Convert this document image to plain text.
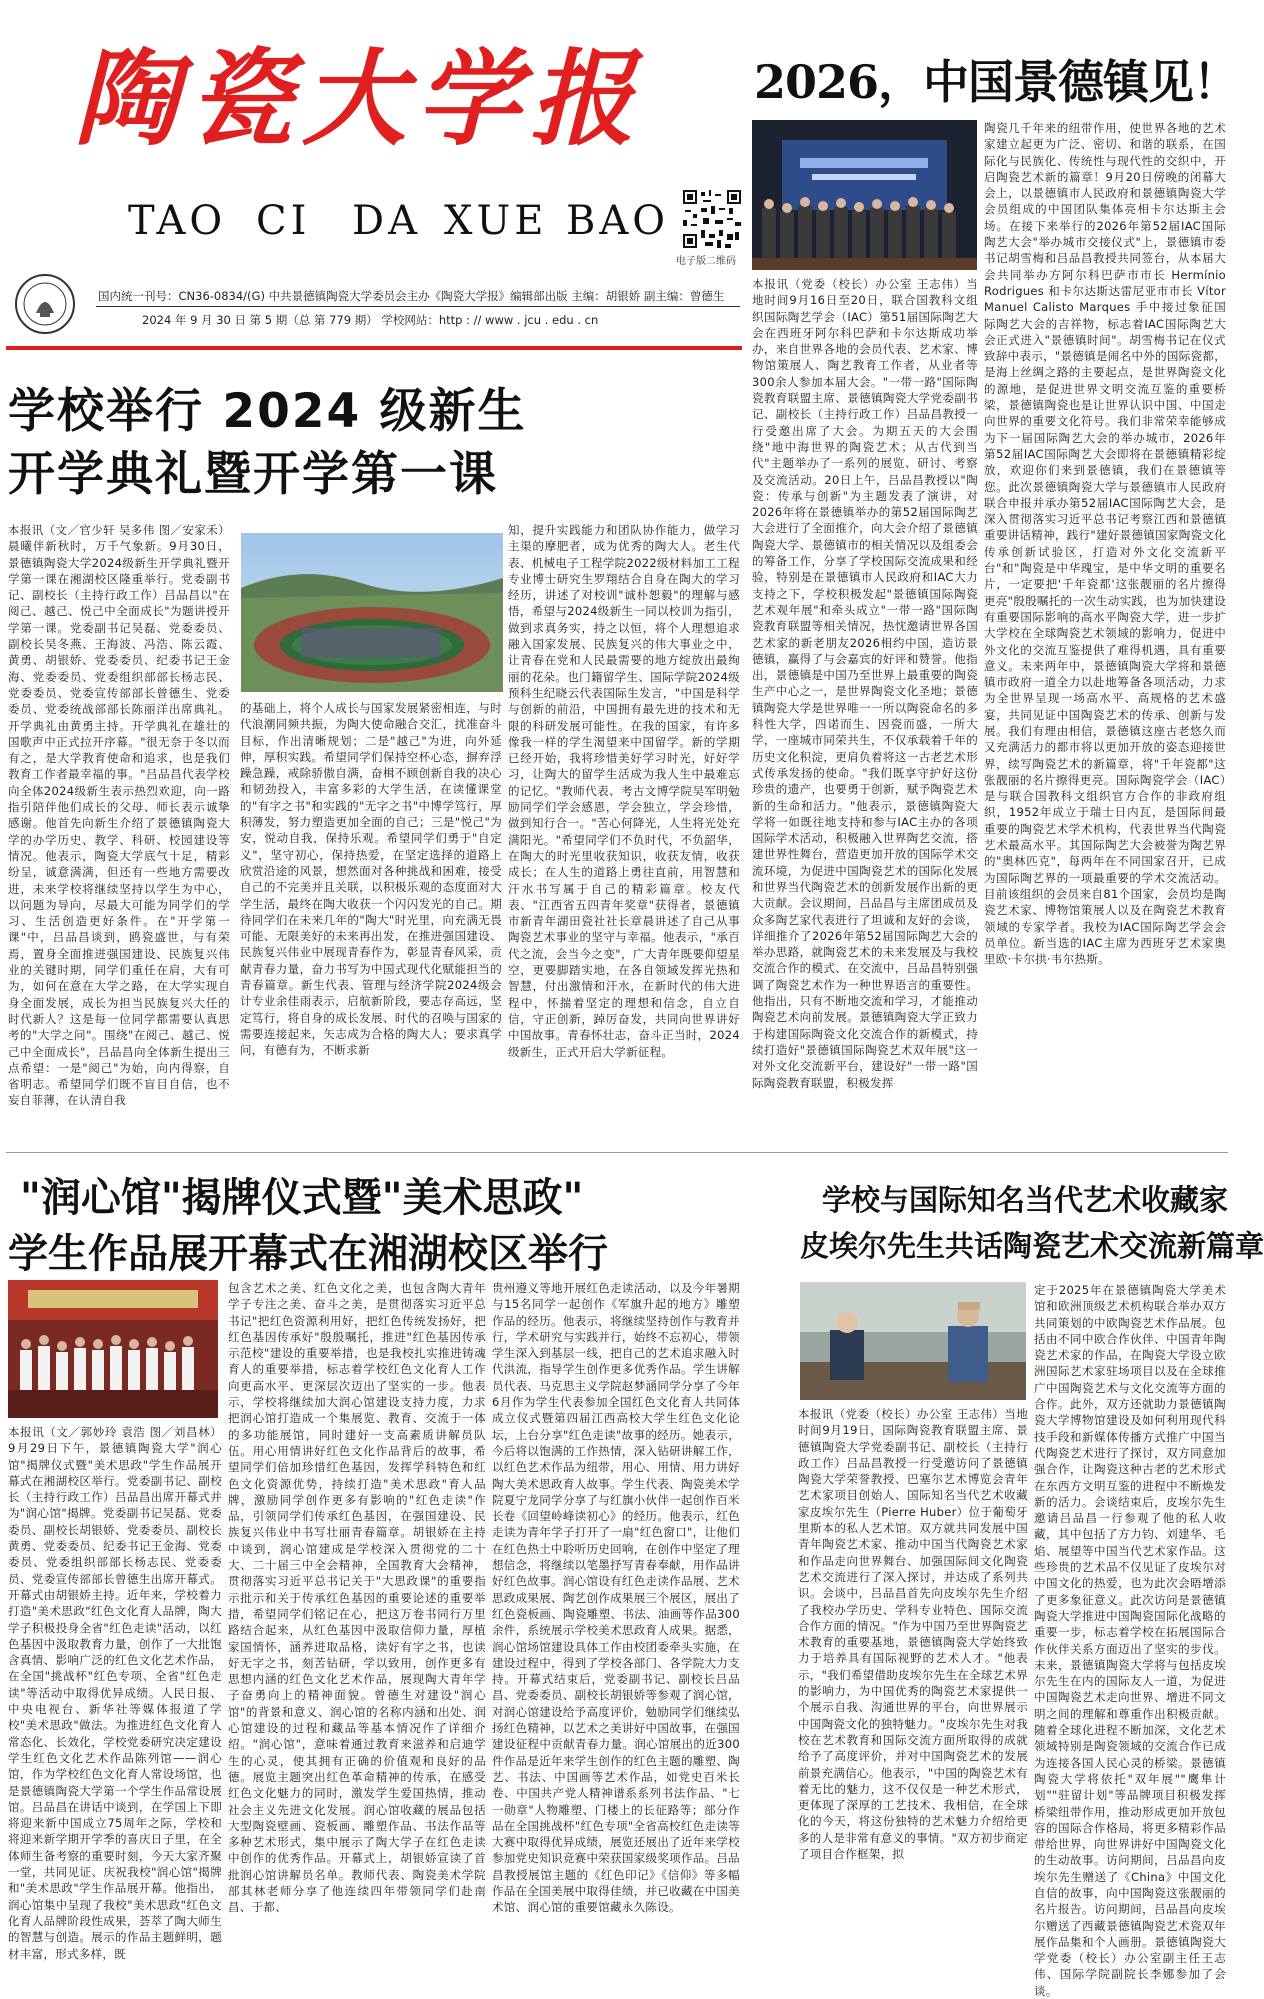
陶瓷大学报
TAO CI DA XUE BAO
电子版二维码
国内统一刊号：CN36-0834/(G) 中共景德镇陶瓷大学委员会主办《陶瓷大学报》编辑部出版 主编：胡银娇 副主编：曾德生
2024 年 9 月 30 日 第 5 期（总 第 779 期） 学校网站：http : // www . jcu . edu . cn
学校举行 2024 级新生
开学典礼暨开学第一课
本报讯（文／官少轩 吴多伟 图／安家禾）晨曦伴新秋时，万千气象新。9月30日，景德镇陶瓷大学2024级新生开学典礼暨开学第一课在湘湖校区隆重举行。党委副书记、副校长（主持行政工作）吕品昌以"在阅己、越己、悦己中全面成长"为题讲授开学第一课。党委副书记吴磊、党委委员、副校长吴冬燕、王海波、冯浩、陈云霞、黄勇、胡银娇、党委委员、纪委书记王金海、党委委员、党委组织部部长杨志民、党委委员、党委宣传部部长曾德生、党委委员、党委统战部部长陈丽洋出席典礼。开学典礼由黄勇主持。开学典礼在雄壮的国歌声中正式拉开序幕。"很无奈于冬以而有之，是大学教育使命和追求，也是我们教育工作者最幸福的事。"吕品昌代表学校向全体2024级新生表示热烈欢迎，向一路指引陪伴他们成长的父母、师长表示诚挚感谢。他首先向新生介绍了景德镇陶瓷大学的办学历史、教学、科研、校园建设等情况。他表示，陶瓷大学底气十足，精彩纷呈，诚意满满，但还有一些地方需要改进，未来学校将继续坚持以学生为中心，以问题为导向，尽最大可能为同学们的学习、生活创造更好条件。在"开学第一课"中，吕品昌谈到，鸥瓷盛世，与有荣焉，置身全面推进强国建设、民族复兴伟业的关键时期，同学们重任在肩，大有可为，如何在意在大学之路，在大学实现自身全面发展，成长为担当民族复兴大任的时代新人？这是每一位同学都需要认真思考的"大学之问"。围绕"在阅己、越己、悦己中全面成长"，吕品昌向全体新生提出三点希望：一是"阅己"为始，向内得察，自省明志。希望同学们既不盲目自信，也不妄自菲薄，在认清自我
的基础上，将个人成长与国家发展紧密相连，与时代浪潮同频共振，为陶大使命融合交汇，扰准奋斗目标，作出清晰规划；二是"越己"为进，向外延伸，厚积实践。希望同学们保持空杯心态，摒弃浮躁急躁，戒除骄傲自满，奋楫不顾创新自我的决心和韧劲投入，丰富多彩的大学生活，在读懂课堂的"有字之书"和实践的"无字之书"中博学笃行，厚积薄发，努力塑造更加全面的自己；三是"悦己"为安，悦动自我，保持乐观。希望同学们勇于"自定义"，坚守初心，保持热爱，在坚定选择的道路上欣赏沿途的风景，想然面对各种挑战和困难，接受自己的不完美并且关联，以积极乐观的态度面对大学生活，最终在陶大收获一个闪闪发光的自己。期待同学们在未来几年的"陶大"时光里，向充满无畏可能、无限美好的未来再出发，在推进强国建设、民族复兴伟业中展现青春作为，彰显青春风采，贡献青春力量，奋力书写为中国式现代化赋能担当的青春篇章。新生代表、管理与经济学院2024级会计专业余佳雨表示，启航新阶段，要志存高远，坚定笃行，将自身的成长发展、时代的召唤与国家的需要连接起来，矢志成为合格的陶大人；要求真学问，有德有为，不断求新
知，提升实践能力和团队协作能力，做学习主渠的摩肥者，成为优秀的陶大人。老生代表、机械电子工程学院2022级材料加工工程专业博士研究生罗翔结合自身在陶大的学习经历，讲述了对校训"诚朴恕毅"的理解与感悟，希望与2024级新生一同以校训为指引，做到求真务实，持之以恒，将个人理想追求融入国家发展、民族复兴的伟大事业之中，让青春在党和人民最需要的地方绽放出最绚丽的花朵。也门籍留学生、国际学院2024级预科生纪晓云代表国际生发言，"中国是科学与创新的前沿，中国拥有最先进的技术和无限的科研发展可能性。在我的国家，有许多像我一样的学生渴望来中国留学。新的学期已经开始，我将珍惜美好学习时光，好好学习，让陶大的留学生活成为我人生中最难忘的记忆。"教师代表、考古文博学院吴军明勉励同学们学会感恩，学会独立，学会珍惜，做到知行合一。"苦心何降光，人生将光处充满阳光。"希望同学们不负时代，不负韶华，在陶大的时光里收获知识，收获友情，收获成长；在人生的道路上勇往直前，用智慧和汗水书写属于自己的精彩篇章。校友代表、"江西省五四青年奖章"获得者，景德镇市新青年湖田瓷社社长章晨讲述了自己从事陶瓷艺术事业的坚守与幸福。他表示，"承百代之流，会当今之变"，广大青年既要仰望星空，更要脚踏实地，在各自领域发挥光热和智慧，付出激情和汗水，在新时代的伟大进程中，怀揣着坚定的理想和信念，自立自信，守正创新，踔厉奋发，共同向世界讲好中国故事。青春怀壮志，奋斗正当时，2024级新生，正式开启大学新征程。
2026，中国景德镇见！
本报讯（党委（校长）办公室 王志伟）当地时间9月16日至20日，联合国教科文组织国际陶艺学会（IAC）第51届国际陶艺大会在西班牙阿尔科巴萨和卡尔达斯成功举办，来自世界各地的会员代表、艺术家、博物馆策展人、陶艺教育工作者，从业者等300余人参加本届大会。"一带一路"国际陶瓷教育联盟主席、景德镇陶瓷大学党委副书记、副校长（主持行政工作）吕品昌教授一行受邀出席了大会。为期五天的大会围绕"地中海世界的陶瓷艺术；从古代到当代"主题举办了一系列的展览、研讨、考察及交流活动。20日上午，吕品昌教授以"陶瓷：传承与创新"为主题发表了演讲，对2026年将在景德镇举办的第52届国际陶艺大会进行了全面推介，向大会介绍了景德镇陶瓷大学、景德镇市的相关情况以及组委会的筹备工作，分享了学校国际交流成果和经验，特别是在景德镇市人民政府和IAC大力支持之下，学校积极发起"景德镇国际陶瓷艺术观年展"和牵头成立"一带一路"国际陶瓷教育联盟等相关情况，热忱邀请世界各国艺术家的新老朋友2026相约中国，造访景德镇，赢得了与会嘉宾的好评和赞誉。他指出，景德镇是中国乃至世界上最重要的陶瓷生产中心之一，是世界陶瓷文化圣地；景德镇陶瓷大学是世界唯一一所以陶瓷命名的多科性大学，四诺而生、因瓷而盛，一所大学，一座城市同荣共生，不仅承载着千年的历史文化积淀，更肩负着将这一古老艺术形式传承发扬的使命。"我们既享守护好这份珍贵的遗产，也要勇于创新，赋予陶瓷艺术新的生命和活力。"他表示，景德镇陶瓷大学将一如既往地支持和参与IAC主办的各项国际学术活动，积极融入世界陶艺交流，搭建世界性舞台，营造更加开放的国际学术交流环境，为促进中国陶瓷艺术的国际化发展和世界当代陶瓷艺术的创新发展作出新的更大贡献。会议期间，吕品昌与主席团成员及众多陶艺家代表进行了坦诚和友好的会谈，详细推介了2026年第52届国际陶艺大会的举办思路，就陶瓷艺术的未来发展及与我校交流合作的模式、在交流中，吕品昌特别强调了陶瓷艺术作为一种世界语言的重要性。他指出，只有不断地交流和学习，才能推动陶瓷艺术向前发展。景德镇陶瓷大学正致力于构建国际陶瓷文化交流合作的新模式，持续打造好"景德镇国际陶瓷艺术双年展"这一对外文化交流新平台，建设好"一带一路"国际陶瓷教育联盟，积极发挥
陶瓷几千年来的纽带作用，使世界各地的艺术家建立起更为广泛、密切、和谐的联系，在国际化与民族化、传统性与现代性的交织中，开启陶瓷艺术新的篇章！9月20日傍晚的闭幕大会上，以景德镇市人民政府和景德镇陶瓷大学会员组成的中国团队集体亮相卡尔达斯主会场。在接下来举行的2026年第52届IAC国际陶艺大会"举办城市交接仪式"上，景德镇市委书记胡雪梅和吕品昌教授共同签台，从本届大会共同举办方阿尔科巴萨市市长 Hermínio Rodrigues 和卡尔达斯达雷尼亚市市长 Vítor Manuel Calisto Marques 手中接过象征国际陶艺大会的吉祥物，标志着IAC国际陶艺大会正式进入"景德镇时间"。胡雪梅书记在仪式致辞中表示，"景德镇是闹名中外的国际瓷都，是海上丝绸之路的主要起点，是世界陶瓷文化的源地，是促进世界文明交流互鉴的重要桥梁，景德镇陶瓷也是让世界认识中国、中国走向世界的重要文化符号。我们非常荣幸能够成为下一届国际陶艺大会的举办城市，2026年第52届IAC国际陶艺大会即将在景德镇精彩绽放，欢迎你们来到景德镇，我们在景德镇等您。此次景德镇陶瓷大学与景德镇市人民政府联合申报并承办第52届IAC国际陶艺大会，是深入贯彻落实习近平总书记考察江西和景德镇重要讲话精神，践行"建好景德镇国家陶瓷文化传承创新试验区，打造对外文化交流新平台"和"陶瓷是中华瑰宝，是中华文明的重要名片，一定要把'千年瓷都'这张靓丽的名片擦得更亮"殷殷嘱托的一次生动实践，也为加快建设有重要国际影响的高水平陶瓷大学，进一步扩大学校在全球陶瓷艺术领域的影响力，促进中外文化的交流互鉴提供了难得机遇，具有重要意义。未来两年中，景德镇陶瓷大学将和景德镇市政府一道全力以赴地筹备各项活动，力求为全世界呈现一场高水平、高规格的艺术盛宴，共同见证中国陶瓷艺术的传承、创新与发展。我们有理由相信，景德镇这座古老悠久而又充满活力的都市将以更加开放的姿态迎接世界，续写陶瓷艺术的新篇章，将"千年瓷都"这张靓丽的名片擦得更亮。国际陶瓷学会（IAC）是与联合国教科文组织官方合作的非政府组织，1952年成立于瑞士日内瓦，是国际间最重要的陶瓷艺术学术机构，代表世界当代陶瓷艺术最高水平。其国际陶艺大会被誉为陶艺界的"奥林匹克"，每两年在不同国家召开，已成为国际陶艺界的一项最重要的学术交流活动。目前该组织的会员来自81个国家，会员均是陶瓷艺术家、博物馆策展人以及在陶瓷艺术教育领域的专家学者。我校为IAC国际陶艺学会会员单位。新当选的IAC主席为西班牙艺术家奥里欧·卡尔拱·韦尔热斯。
"润心馆"揭牌仪式暨"美术思政"
学生作品展开幕式在湘湖校区举行
本报讯（文／郭妙玲 袁浩 图／刘昌林）9月29日下午，景德镇陶瓷大学"润心馆"揭牌仪式暨"美术思政"学生作品展开幕式在湘湖校区举行。党委副书记、副校长（主持行政工作）吕品昌出席开幕式并为"润心馆"揭牌。党委副书记吴磊、党委委员、副校长胡银娇、党委委员、副校长黄勇、党委委员、纪委书记王金海、党委委员、党委组织部部长杨志民、党委委员、党委宣传部部长曾德生出席开幕式。开幕式由胡银娇主持。近年来，学校着力打造"美术思政"红色文化育人品牌，陶大学子积极投身全省"红色走读"活动，以红色基因中汲取教育力量，创作了一大批饱含真情、影响广泛的红色文化艺术作品，在全国"挑战杯"红色专项、全省"红色走读"等活动中取得优异成绩。人民日报、中央电视台、新华社等媒体报道了学校"美术思政"做法。为推进红色文化育人常态化、长效化，学校党委研究决定建设学生红色文化艺术作品陈列馆——润心馆，作为学校红色文化育人常设场馆，也是景德镇陶瓷大学第一个学生作品常设展馆。吕品昌在讲话中谈到，在学国上下即将迎来新中国成立75周年之际，学校和将迎来新学期开学季的喜庆日子里，在全体师生备考察的重要时刻，今天大家齐聚一堂，共同见证、庆祝我校"润心馆"揭牌和"美术思政"学生作品展开幕。他指出，润心馆集中呈现了我校"美术思政"红色文化育人品牌阶段性成果，荟萃了陶大师生的智慧与创造。展示的作品主题鲜明，题材丰富，形式多样，既
包含艺术之美、红色文化之美，也包含陶大青年学子专注之美、奋斗之美，是贯彻落实习近平总书记"把红色资源利用好，把红色传统发扬好，把红色基因传承好"殷殷嘱托，推进"红色基因传承示范校"建设的重要举措，也是我校扎实推进铸魂育人的重要举措，标志着学校红色文化育人工作向更高水平、更深层次迈出了坚实的一步。他表示，学校将继续加大润心馆建设支持力度，力求把润心馆打造成一个集展览、教育、交流于一体的多功能展馆，同时建好一支高素质讲解员队伍。用心用情讲好红色文化作品背后的故事，希望同学们倍加珍惜红色基因，发挥学科特色和红色文化资源优势，持续打造"美术思政"育人品牌，激励同学创作更多有影响的"红色走读"作品，引领同学们传承红色基因，在强国建设、民族复兴伟业中书写壮丽青春篇章。胡银娇在主持中谈到，润心馆建成是学校深入贯彻党的二十大、二十届三中全会精神，全国教育大会精神，贯彻落实习近平总书记关于"大思政课"的重要指示批示和关于传承红色基因的重要论述的重要举措，希望同学们铭记在心，把这万卷书同行万里路结合起来，从红色基因中汲取信仰力量，厚植家国情怀，涵养进取品格，读好有字之书，也读好无字之书，刻苦钻研，学以致用，创作更多有思想内涵的红色文化艺术作品，展现陶大青年学子奋勇向上的精神面貌。曾德生对建设"润心馆"的背景和意义、润心馆的名称内涵和出处、润心馆建设的过程和藏品等基本情况作了详细介绍。"润心馆"，意味着通过教育来滋养和启迪学生的心灵，使其拥有正确的价值观和良好的品德。展览主题突出红色革命精神的传承，在感受红色文化魅力的同时，激发学生爱国热情，推动社会主义先进文化发展。润心馆收藏的展品包括大型陶瓷壁画、瓷板画、雕塑作品、书法作品等多种艺术形式，集中展示了陶大学子在红色走读中创作的优秀作品。开幕式上，胡银娇宣读了首批润心馆讲解员名单。教师代表、陶瓷美术学院部其林老师分享了他连续四年带领同学们赴南昌、于都、
贵州遵义等地开展红色走读活动，以及今年暑期与15名同学一起创作《军旗升起的地方》雕塑作品的经历。他表示，将继续坚持创作与教育并行，学术研究与实践并行，始终不忘初心，带领学生深入到基层一线，把自己的艺术追求融入时代洪流，指导学生创作更多优秀作品。学生讲解员代表、马克思主义学院赵梦涵同学分享了今年6月作为学生代表参加全国红色文化育人共同体成立仪式暨第四届江西高校大学生红色文化论坛，上台分享"红色走读"故事的经历。她表示，今后将以饱满的工作热情，深入钻研讲解工作，以红色艺术作品为纽带，用心、用情、用力讲好陶大美术思政育人故事。学生代表、陶瓷美术学院夏宁龙同学分享了与红旗小伙伴一起创作百米长卷《回望岭峰读初心》的经历。他表示，红色走读为青年学子打开了一扇"红色窗口"，让他们在红色热土中聆听历史回响，在创作中坚定了理想信念，将继续以笔墨抒写青春奉献，用作品讲好红色故事。润心馆设有红色走读作品展、艺术思政成果展、陶艺创作成果展三个展区，展出了红色瓷板画、陶瓷雕塑、书法、油画等作品300余件，系统展示学校美术思政育人成果。据悉，润心馆场馆建设具体工作由校团委牵头实施，在建设过程中，得到了学校各部门、各学院大力支持。开幕式结束后，党委副书记、副校长吕品昌、党委委员、副校长胡银娇等参观了润心馆，对润心馆建设给予高度评价，勉励同学们继续弘扬红色精神，以艺术之美讲好中国故事，在强国建设征程中贡献青春力量。润心馆展出的近300件作品是近年来学生创作的红色主题的雕塑、陶艺、书法、中国画等艺术作品，如党史百米长卷、中国共产党人精神谱系系列书法作品、"七一勋章"人物雕塑、门楼上的长征路等；部分作品在全国挑战杯"红色专项"全省高校红色走读等大赛中取得优异成绩，展览还展出了近年来学校参加党史知识竞赛中荣获国家级奖项作品。吕品昌教授展馆主题的《红色印记》《信仰》等多幅作品在全国美展中取得佳绩，并已收藏在中国美术馆、润心馆的重要馆藏永久陈设。
学校与国际知名当代艺术收藏家
皮埃尔先生共话陶瓷艺术交流新篇章
本报讯（党委（校长）办公室 王志伟）当地时间9月19日，国际陶瓷教育联盟主席、景德镇陶瓷大学党委副书记、副校长（主持行政工作）吕品昌教授一行受邀访问了景德镇陶瓷大学荣誉教授、巴塞尔艺术博览会青年艺术家项目创始人、国际知名当代艺术收藏家皮埃尔先生（Pierre Huber）位于葡萄牙里斯本的私人艺术馆。双方就共同发展中国青年陶瓷艺术家、推动中国当代陶瓷艺术家和作品走向世界舞台、加强国际间文化陶瓷艺术交流进行了深入探讨，并达成了系列共识。会谈中，吕品昌首先向皮埃尔先生介绍了我校办学历史、学科专业特色、国际交流合作方面的情况。"作为中国乃至世界陶瓷艺术教育的重要基地，景德镇陶瓷大学始终致力于培养具有国际视野的艺术人才。"他表示，"我们希望借助皮埃尔先生在全球艺术界的影响力，为中国优秀的陶瓷艺术家提供一个展示自我、沟通世界的平台，向世界展示中国陶瓷文化的独特魅力。"皮埃尔先生对我校在艺术教育和国际交流方面所取得的成就给予了高度评价，并对中国陶瓷艺术的发展前景充满信心。他表示，"中国的陶瓷艺术有着无比的魅力，这不仅仅是一种艺术形式，更体现了深厚的工艺技术、我相信，在全球化的今天，将这份独特的艺术魅力介绍给更多的人是非常有意义的事情。"双方初步商定了项目合作框架，拟
定于2025年在景德镇陶瓷大学美术馆和欧洲顶级艺术机构联合举办双方共同策划的中欧陶瓷艺术作品展。包括由不同中欧合作伙伴、中国青年陶瓷艺术家的作品，在陶瓷大学设立欧洲国际艺术家驻场项目以及在全球推广中国陶瓷艺术与文化交流等方面的合作。此外，双方还就助力景德镇陶瓷大学博物馆建设及如何利用现代科技手段和新媒体传播方式推广中国当代陶瓷艺术进行了探讨，双方同意加强合作，让陶瓷这种古老的艺术形式在东西方文明互鉴的进程中不断焕发新的活力。会谈结束后，皮埃尔先生邀请吕品昌一行参观了他的私人收藏，其中包括了方力钧、刘建华、毛焰、展望等中国当代艺术家作品。这些珍贵的艺术品不仅见证了皮埃尔对中国文化的热爱，也为此次会晤增添了更多象征意义。此次访问是景德镇陶瓷大学推进中国陶瓷国际化战略的重要一步，标志着学校在拓展国际合作伙伴关系方面迈出了坚实的步伐。未来，景德镇陶瓷大学将与包括皮埃尔先生在内的国际友人一道，为促进中国陶瓷艺术走向世界、增进不同文明之间的理解和尊重作出积极贡献。随着全球化进程不断加深，文化艺术领域特别是陶瓷领域的交流合作已成为连接各国人民心灵的桥梁。景德镇陶瓷大学将依托"双年展""鹰隼计划""驻留计划"等品牌项目积极发挥桥梁纽带作用，推动形成更加开放包容的国际合作格局，将更多精彩作品带给世界，向世界讲好中国陶瓷文化的生动故事。访问期间，吕品昌向皮埃尔先生赠送了《China》中国文化自信的故事，向中国陶瓷这张靓丽的名片报告。访问期间，吕品昌向皮埃尔赠送了西藏景德镇陶瓷艺术瓷双年展作品集和个人画册。景德镇陶瓷大学党委（校长）办公室副主任王志伟、国际学院副院长李娜参加了会谈。
